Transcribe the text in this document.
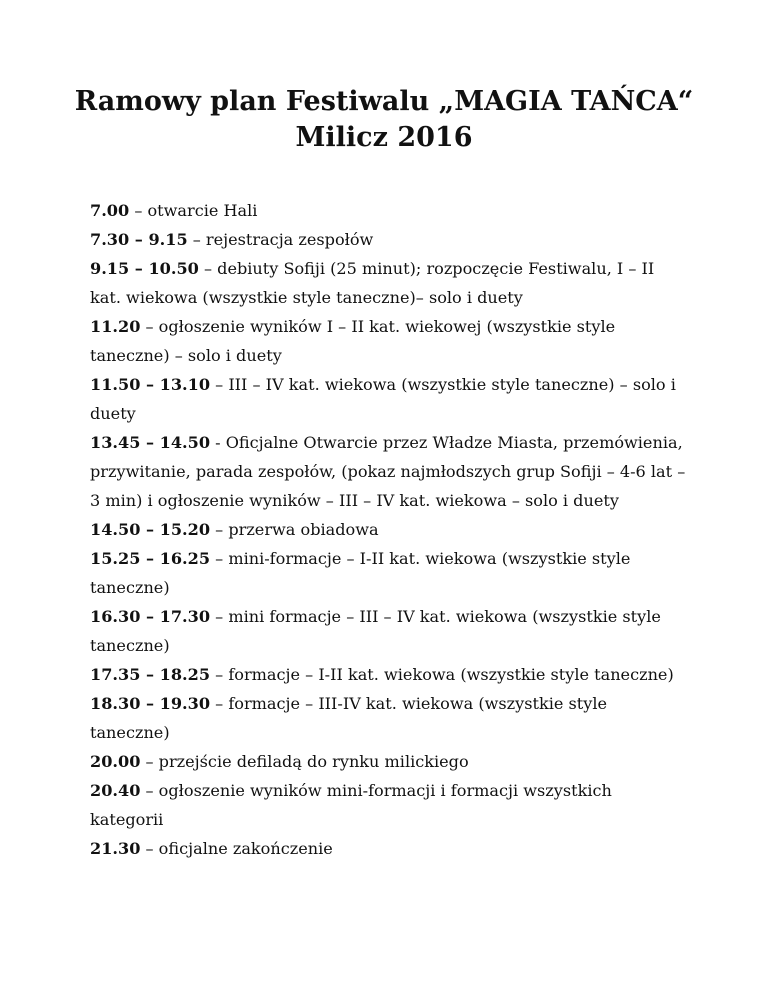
Ramowy plan Festiwalu „MAGIA TAŃCA“
Milicz 2016
7.00 – otwarcie Hali
7.30 – 9.15 – rejestracja zespołów
9.15 – 10.50 – debiuty Sofiji (25 minut); rozpoczęcie Festiwalu, I – II kat. wiekowa (wszystkie style taneczne)– solo i duety
11.20 – ogłoszenie wyników I – II kat. wiekowej (wszystkie style taneczne) – solo i duety
11.50 – 13.10 – III – IV kat. wiekowa (wszystkie style taneczne) – solo i duety
13.45 – 14.50 - Oficjalne Otwarcie przez Władze Miasta, przemówienia, przywitanie, parada zespołów, (pokaz najmłodszych grup Sofiji – 4-6 lat – 3 min) i ogłoszenie wyników – III – IV kat. wiekowa – solo i duety
14.50 – 15.20 – przerwa obiadowa
15.25 – 16.25 – mini-formacje – I-II kat. wiekowa (wszystkie style taneczne)
16.30 – 17.30 – mini formacje – III – IV kat. wiekowa (wszystkie style taneczne)
17.35 – 18.25 – formacje – I-II kat. wiekowa (wszystkie style taneczne)
18.30 – 19.30 – formacje – III-IV kat. wiekowa (wszystkie style taneczne)
20.00 – przejście defiladą do rynku milickiego
20.40 – ogłoszenie wyników mini-formacji i formacji wszystkich kategorii
21.30 – oficjalne zakończenie
